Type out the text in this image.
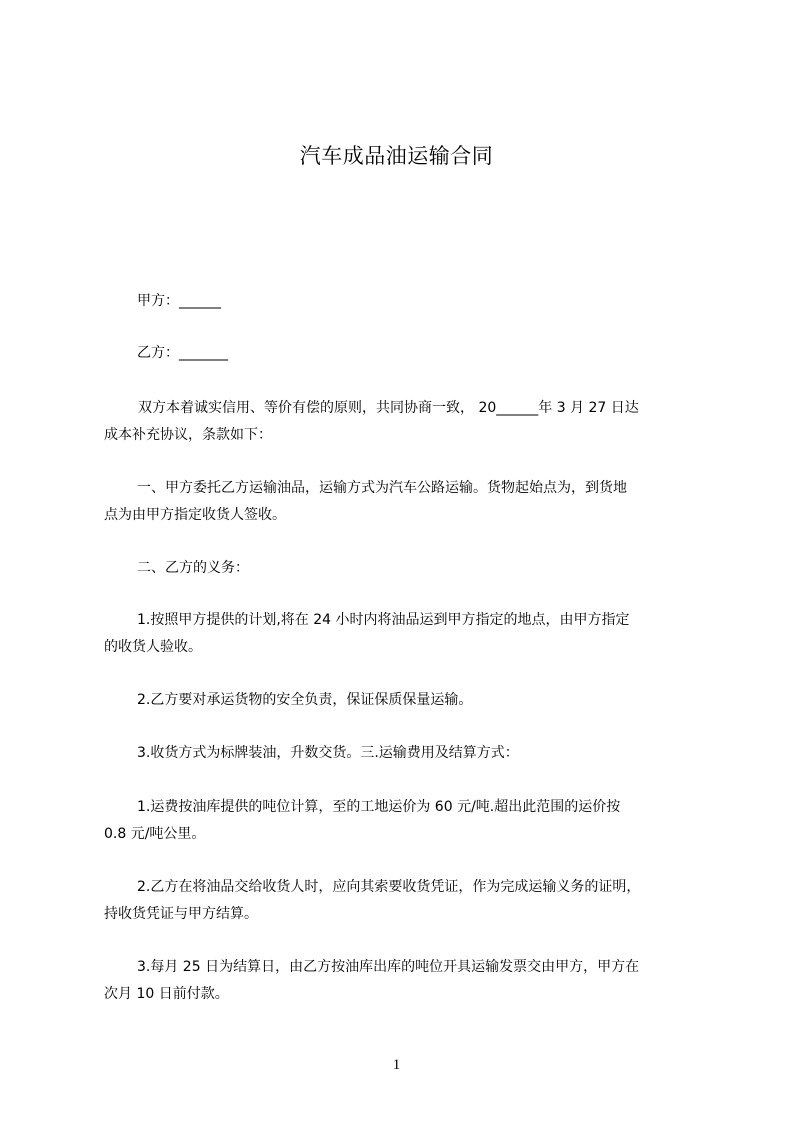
汽车成品油运输合同
甲方：______
乙方：_______
双方本着诚实信用、等价有偿的原则，共同协商一致， 20______年 3 月 27 日达
成本补充协议，条款如下：
一、甲方委托乙方运输油品，运输方式为汽车公路运输。货物起始点为，到货地
点为由甲方指定收货人签收。
二、乙方的义务：
1.按照甲方提供的计划,将在 24 小时内将油品运到甲方指定的地点，由甲方指定
的收货人验收。
2.乙方要对承运货物的安全负责，保证保质保量运输。
3.收货方式为标牌装油，升数交货。三.运输费用及结算方式：
1.运费按油库提供的吨位计算，至的工地运价为 60 元/吨.超出此范围的运价按
0.8 元/吨公里。
2.乙方在将油品交给收货人时，应向其索要收货凭证，作为完成运输义务的证明，
持收货凭证与甲方结算。
3.每月 25 日为结算日，由乙方按油库出库的吨位开具运输发票交由甲方，甲方在
次月 10 日前付款。
1
